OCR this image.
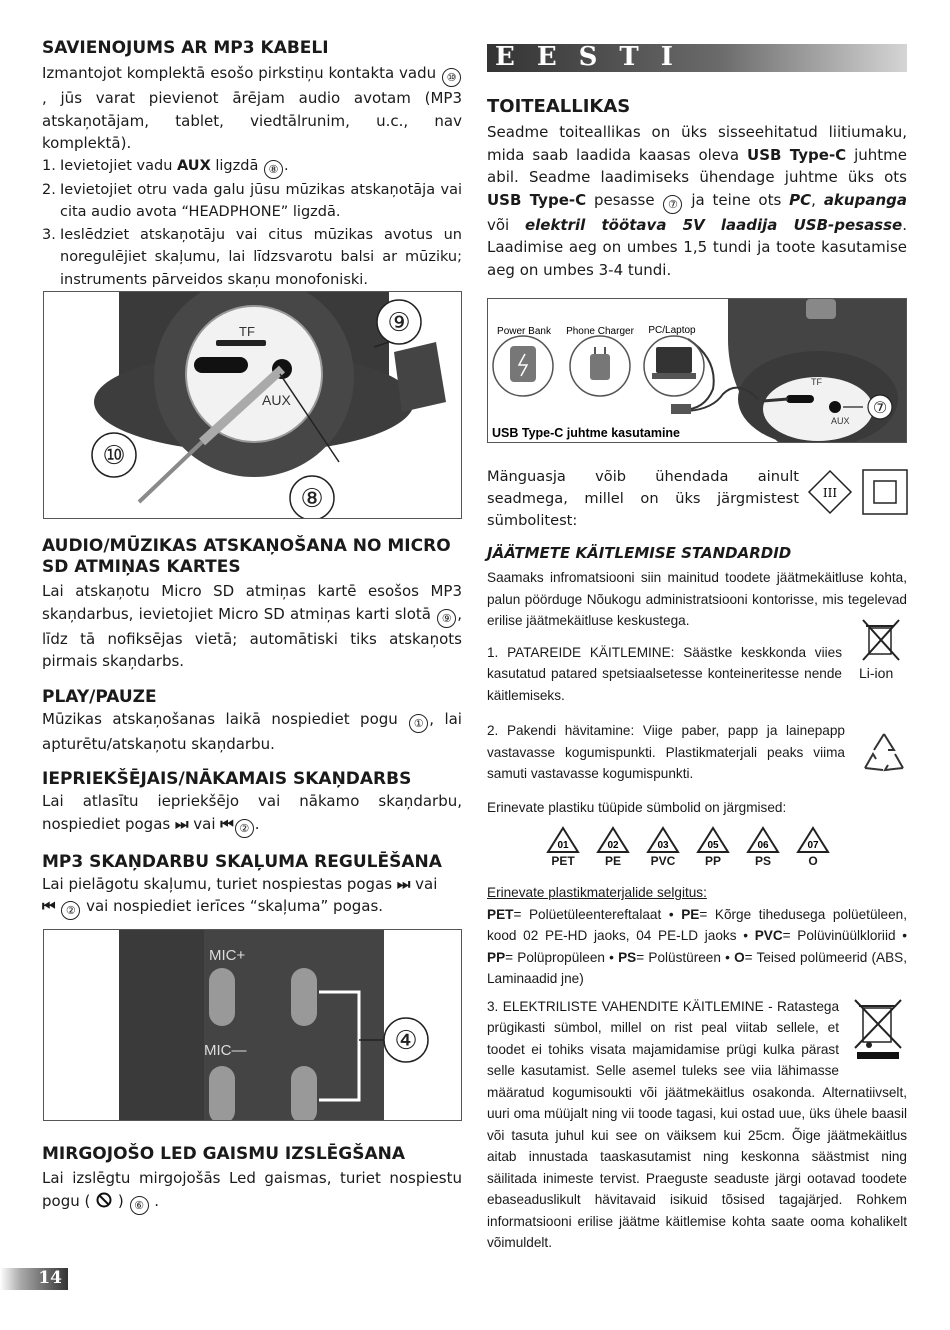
SAVIENOJUMS AR MP3 KABELI

Izmantojot komplektā esošo pirkstiņu kontakta vadu ⑩, jūs varat pievienot ārējam audio avotam (MP3 atskaņotājam, tablet, viedtālrunim, u.c., nav komplektā).

1. Ievietojiet vadu AUX ligzdā ⑧ .
2. Ievietojiet otru vada galu jūsu mūzikas atskaņotāja vai cita audio avota “HEADPHONE” ligzdā.
3. Ieslēdziet atskaņotāju vai citus mūzikas avotus un noregulējiet skaļumu, lai līdzsvarotu balsi ar mūziku; instruments pārveidos skaņu monofoniski.
TF
AUX
⑨
⑩
⑧
AUDIO/MŪZIKAS ATSKAŅOŠANA NO MICRO SD ATMIŅAS KARTES

Lai atskaņotu Micro SD atmiņas kartē esošos MP3 skaņdarbus, ievietojiet Micro SD atmiņas karti slotā ⑨ , līdz tā nofiksējas vietā; automātiski tiks atskaņots pirmais skaņdarbs.

PLAY/PAUZE

Mūzikas atskaņošanas laikā nospiediet pogu ① , lai apturētu/atskaņotu skaņdarbu.

IEPRIEKŠĒJAIS/NĀKAMAIS SKAŅDARBS

Lai atlasītu iepriekšējo vai nākamo skaņdarbu, nospiediet pogas ⏭ vai ⏮ ② .

MP3 SKAŅDARBU SKAĻUMA REGULĒŠANA

Lai pielāgotu skaļumu, turiet nospiestas pogas ⏭ vai
⏮ ② vai nospiediet ierīces “skaļuma” pogas.

MIC+
MIC—	④
MIRGOJOŠO LED GAISMU IZSLĒGŠANA

Lai izslēgtu mirgojošās Led gaismas, turiet nospiestu pogu (  ) ⑥ .

EESTI
TOITEALLIKAS

Seadme toiteallikas on üks sisseehitatud liitiumaku, mida saab laadida kaasas oleva USB Type-C juhtme abil. Seadme laadimiseks ühendage juhtme üks ots USB Type-C pesasse ⑦ ja teine ots PC, akupanga või elektril töötava 5V laadija USB-pesasse. Laadimise aeg on umbes 1,5 tundi ja toote kasutamise aeg on umbes 3-4 tundi.

TF
AUX
⑦
Power Bank Phone Charger PC/Laptop
USB Type-C juhtme kasutamine

Mänguasja võib ühendada ainult seadmega, millel on üks järgmistest sümbolitest:

III
JÄÄTMETE KÄITLEMISE STANDARDID

Saamaks infromatsiooni siin mainitud toodete jäätmekäitluse kohta, palun pöörduge Nõukogu administratsiooni kontorisse, mis tegelevad erilise jäätmekäitluse keskustega.

1. PATAREIDE KÄITLEMINE: Säästke keskkonda viies kasutatud patared spetsiaalsetesse konteineritesse nende käitlemiseks.

Li-ion

2. Pakendi hävitamine: Viige paber, papp ja lainepapp vastavasse kogumispunkti. Plastikmaterjali peaks viima samuti vastavasse kogumispunkti.

Erinevate plastiku tüüpide sümbolid on järgmised:

01
PET
02
PE
03
PVC
05
PP
06
PS
07
O

Erinevate plastikmaterjalide selgitus:

PET= Polüetüleentereftalaat • PE= Kõrge tihedusega polüetüleen, kood 02 PE-HD jaoks, 04 PE-LD jaoks • PVC= Polüvinüülkloriid • PP= Polüpropüleen • PS= Polüstüreen • O= Teised polümeerid (ABS, Laminaadid jne)

3. ELEKTRILISTE VAHENDITE KÄITLEMINE - Ratastega prügikasti sümbol, millel on rist peal viitab sellele, et toodet ei tohiks visata majamidamise prügi kulka pärast selle kasutamist. Selle asemel tuleks see viia lähimasse määratud kogumisoukti või jäätmekäitlus osakonda. Alternatiivselt, uuri oma müüjalt ning vii toode tagasi, kui ostad uue, üks ühele baasil või tasuta juhul kui see on väiksem kui 25cm. Õige jäätmekäitlus aitab innustada taaskasutamist ning keskonna säästmist ning säilitada inimeste tervist. Praeguste seaduste järgi ootavad toodete ebaseaduslikult hävitavaid isikuid tõsised tagajärjed. Rohkem informatsiooni erilise jäätme käitlemise kohta saate ooma kohalikelt võimuldelt.

14
